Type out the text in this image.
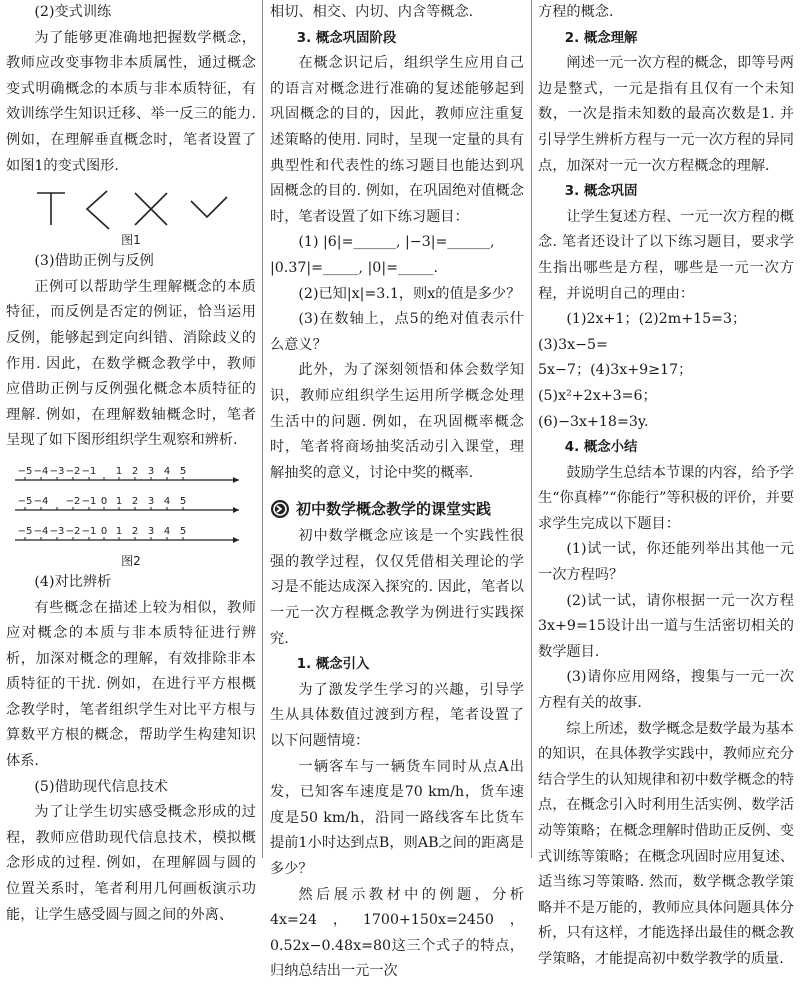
(2)变式训练

为了能够更准确地把握数学概念，教师应改变事物非本质属性，通过概念变式明确概念的本质与非本质特征，有效训练学生知识迁移、举一反三的能力. 例如，在理解垂直概念时，笔者设置了如图1的变式图形.

图1
(3)借助正例与反例

正例可以帮助学生理解概念的本质特征，而反例是否定的例证，恰当运用反例，能够起到定向纠错、消除歧义的作用. 因此，在数学概念教学中，教师应借助正例与反例强化概念本质特征的理解. 例如，在理解数轴概念时，笔者呈现了如下图形组织学生观察和辨析.

−5 −4 −3 −2 −1 1 2 3 4 5
−5 −4 −2 −1 0 1 2 3 4 5
−5 −4 −3 −2 −1 0 1 2 3 4 5
图2
(4)对比辨析

有些概念在描述上较为相似，教师应对概念的本质与非本质特征进行辨析，加深对概念的理解，有效排除非本质特征的干扰. 例如，在进行平方根概念教学时，笔者组织学生对比平方根与算数平方根的概念，帮助学生构建知识体系.

(5)借助现代信息技术

为了让学生切实感受概念形成的过程，教师应借助现代信息技术，模拟概念形成的过程. 例如，在理解圆与圆的位置关系时，笔者利用几何画板演示功能，让学生感受圆与圆之间的外离、

相切、相交、内切、内含等概念.

3. 概念巩固阶段

在概念识记后，组织学生应用自己的语言对概念进行准确的复述能够起到巩固概念的目的，因此，教师应注重复述策略的使用. 同时，呈现一定量的具有典型性和代表性的练习题目也能达到巩固概念的目的. 例如，在巩固绝对值概念时，笔者设置了如下练习题目：

(1) |6|=______, |−3|=______,

|0.37|=_____, |0|=_____.

(2)已知|x|=3.1，则x的值是多少？

(3)在数轴上，点5的绝对值表示什么意义？

此外，为了深刻领悟和体会数学知识，教师应组织学生运用所学概念处理生活中的问题. 例如，在巩固概率概念时，笔者将商场抽奖活动引入课堂，理解抽奖的意义，讨论中奖的概率.

初中数学概念教学的课堂实践

初中数学概念应该是一个实践性很强的教学过程，仅仅凭借相关理论的学习是不能达成深入探究的. 因此，笔者以一元一次方程概念教学为例进行实践探究.

1. 概念引入

为了激发学生学习的兴趣，引导学生从具体数值过渡到方程，笔者设置了以下问题情境：

一辆客车与一辆货车同时从点A出发，已知客车速度是70 km/h，货车速度是50 km/h，沿同一路线客车比货车提前1小时达到点B，则AB之间的距离是多少？

然后展示教材中的例题，分析4x=24，1700+150x=2450，0.52x−0.48x=80这三个式子的特点，归纳总结出一元一次

方程的概念.

2. 概念理解

阐述一元一次方程的概念，即等号两边是整式，一元是指有且仅有一个未知数，一次是指未知数的最高次数是1. 并引导学生辨析方程与一元一次方程的异同点，加深对一元一次方程概念的理解.

3. 概念巩固

让学生复述方程、一元一次方程的概念. 笔者还设计了以下练习题目，要求学生指出哪些是方程，哪些是一元一次方程，并说明自己的理由：

(1)2x+1；(2)2m+15=3；(3)3x−5=

5x−7；(4)3x+9≥17；(5)x²+2x+3=6；

(6)−3x+18=3y.

4. 概念小结

鼓励学生总结本节课的内容，给予学生“你真棒”“你能行”等积极的评价，并要求学生完成以下题目：

(1)试一试，你还能列举出其他一元一次方程吗？

(2)试一试，请你根据一元一次方程3x+9=15设计出一道与生活密切相关的数学题目.

(3)请你应用网络，搜集与一元一次方程有关的故事.

综上所述，数学概念是数学最为基本的知识，在具体教学实践中，教师应充分结合学生的认知规律和初中数学概念的特点，在概念引入时利用生活实例、数学活动等策略；在概念理解时借助正反例、变式训练等策略；在概念巩固时应用复述、适当练习等策略. 然而，数学概念教学策略并不是万能的，教师应具体问题具体分析，只有这样，才能选择出最佳的概念教学策略，才能提高初中数学教学的质量.
